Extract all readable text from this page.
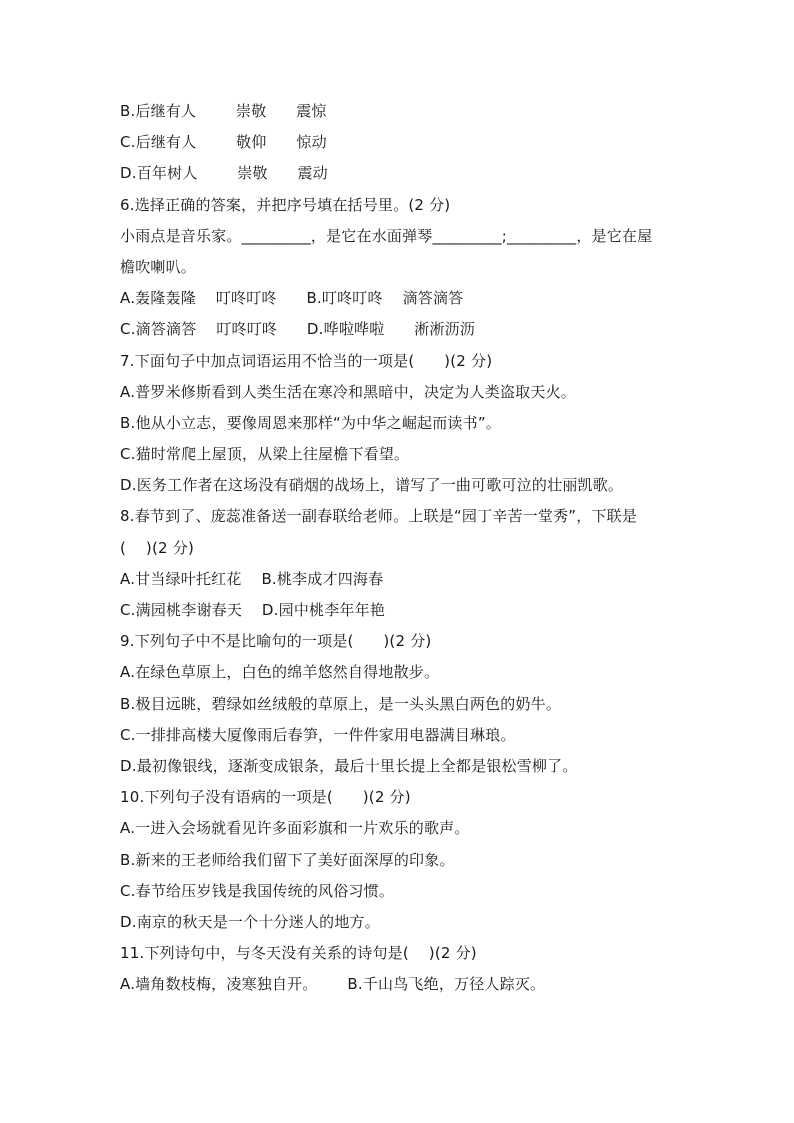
B.后继有人        崇敬      震惊
C.后继有人        敬仰      惊动
D.百年树人        崇敬      震动
6.选择正确的答案，并把序号填在括号里。(2 分)
小雨点是音乐家。_________，是它在水面弹琴_________;_________，是它在屋
檐吹喇叭。
A.轰隆轰隆    叮咚叮咚      B.叮咚叮咚    滴答滴答
C.滴答滴答    叮咚叮咚      D.哗啦哗啦      淅淅沥沥
7.下面句子中加点词语运用不恰当的一项是(      )(2 分)
A.普罗米修斯看到人类生活在寒冷和黑暗中，决定为人类盗取天火。
B.他从小立志，要像周恩来那样“为中华之崛起而读书”。
C.猫时常爬上屋顶，从梁上往屋檐下看望。
D.医务工作者在这场没有硝烟的战场上，谱写了一曲可歌可泣的壮丽凯歌。
8.春节到了、庞蕊准备送一副春联给老师。上联是“园丁辛苦一堂秀”，下联是
(    )(2 分)
A.甘当绿叶托红花    B.桃李成才四海春
C.满园桃李谢春天    D.园中桃李年年艳
9.下列句子中不是比喻句的一项是(      )(2 分)
A.在绿色草原上，白色的绵羊悠然自得地散步。
B.极目远眺，碧绿如丝绒般的草原上，是一头头黑白两色的奶牛。
C.一排排高楼大厦像雨后春笋，一件件家用电器满目琳琅。
D.最初像银线，逐渐变成银条，最后十里长提上全都是银松雪柳了。
10.下列句子没有语病的一项是(      )(2 分)
A.一进入会场就看见许多面彩旗和一片欢乐的歌声。
B.新来的王老师给我们留下了美好面深厚的印象。
C.春节给压岁钱是我国传统的风俗习惯。
D.南京的秋天是一个十分迷人的地方。
11.下列诗句中，与冬天没有关系的诗句是(    )(2 分)
A.墙角数枝梅，凌寒独自开。      B.千山鸟飞绝，万径人踪灭。
